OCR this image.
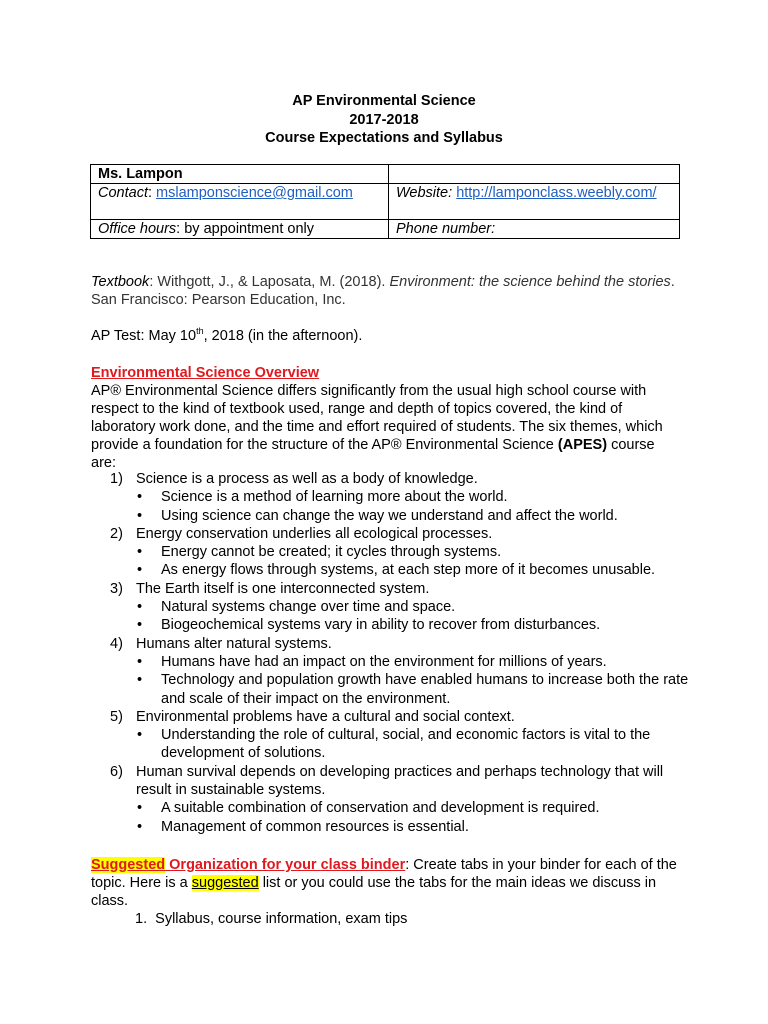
AP Environmental Science
2017-2018
Course Expectations and Syllabus
Ms. Lampon	
Contact: mslamponscience@gmail.com	Website: http://lamponclass.weebly.com/
Office hours: by appointment only	Phone number:
Textbook: Withgott, J., & Laposata, M. (2018). Environment: the science behind the stories. San Francisco: Pearson Education, Inc.
AP Test: May 10th, 2018 (in the afternoon).
Environmental Science Overview
AP® Environmental Science differs significantly from the usual high school course with respect to the kind of textbook used, range and depth of topics covered, the kind of laboratory work done, and the time and effort required of students. The six themes, which provide a foundation for the structure of the AP® Environmental Science (APES) course are:
1) Science is a process as well as a body of knowledge.
• Science is a method of learning more about the world.
• Using science can change the way we understand and affect the world.
2) Energy conservation underlies all ecological processes.
• Energy cannot be created; it cycles through systems.
• As energy flows through systems, at each step more of it becomes unusable.
3) The Earth itself is one interconnected system.
• Natural systems change over time and space.
• Biogeochemical systems vary in ability to recover from disturbances.
4) Humans alter natural systems.
• Humans have had an impact on the environment for millions of years.
• Technology and population growth have enabled humans to increase both the rate and scale of their impact on the environment.
5) Environmental problems have a cultural and social context.
• Understanding the role of cultural, social, and economic factors is vital to the development of solutions.
6) Human survival depends on developing practices and perhaps technology that will result in sustainable systems.
• A suitable combination of conservation and development is required.
• Management of common resources is essential.
Suggested Organization for your class binder: Create tabs in your binder for each of the topic. Here is a suggested list or you could use the tabs for the main ideas we discuss in class.
1. Syllabus, course information, exam tips
